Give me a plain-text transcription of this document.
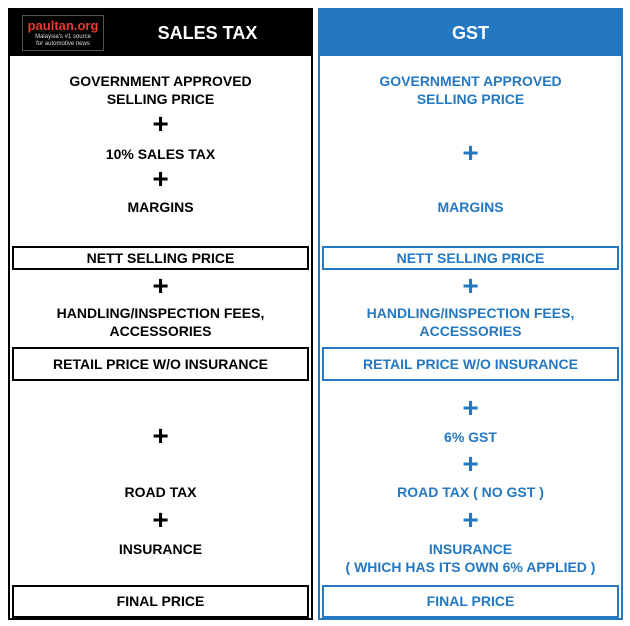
paultan.org
Malaysia's #1 source
for automotive news
SALES TAX
GOVERNMENT APPROVED
SELLING PRICE
+
10% SALES TAX
+
MARGINS
NETT SELLING PRICE
+
HANDLING/INSPECTION FEES,
ACCESSORIES
RETAIL PRICE W/O INSURANCE
+
ROAD TAX
+
INSURANCE
FINAL PRICE
GST
GOVERNMENT APPROVED
SELLING PRICE
+
MARGINS
NETT SELLING PRICE
+
HANDLING/INSPECTION FEES,
ACCESSORIES
RETAIL PRICE W/O INSURANCE
+
6% GST
+
ROAD TAX ( NO GST )
+
INSURANCE
( WHICH HAS ITS OWN 6% APPLIED )
FINAL PRICE
